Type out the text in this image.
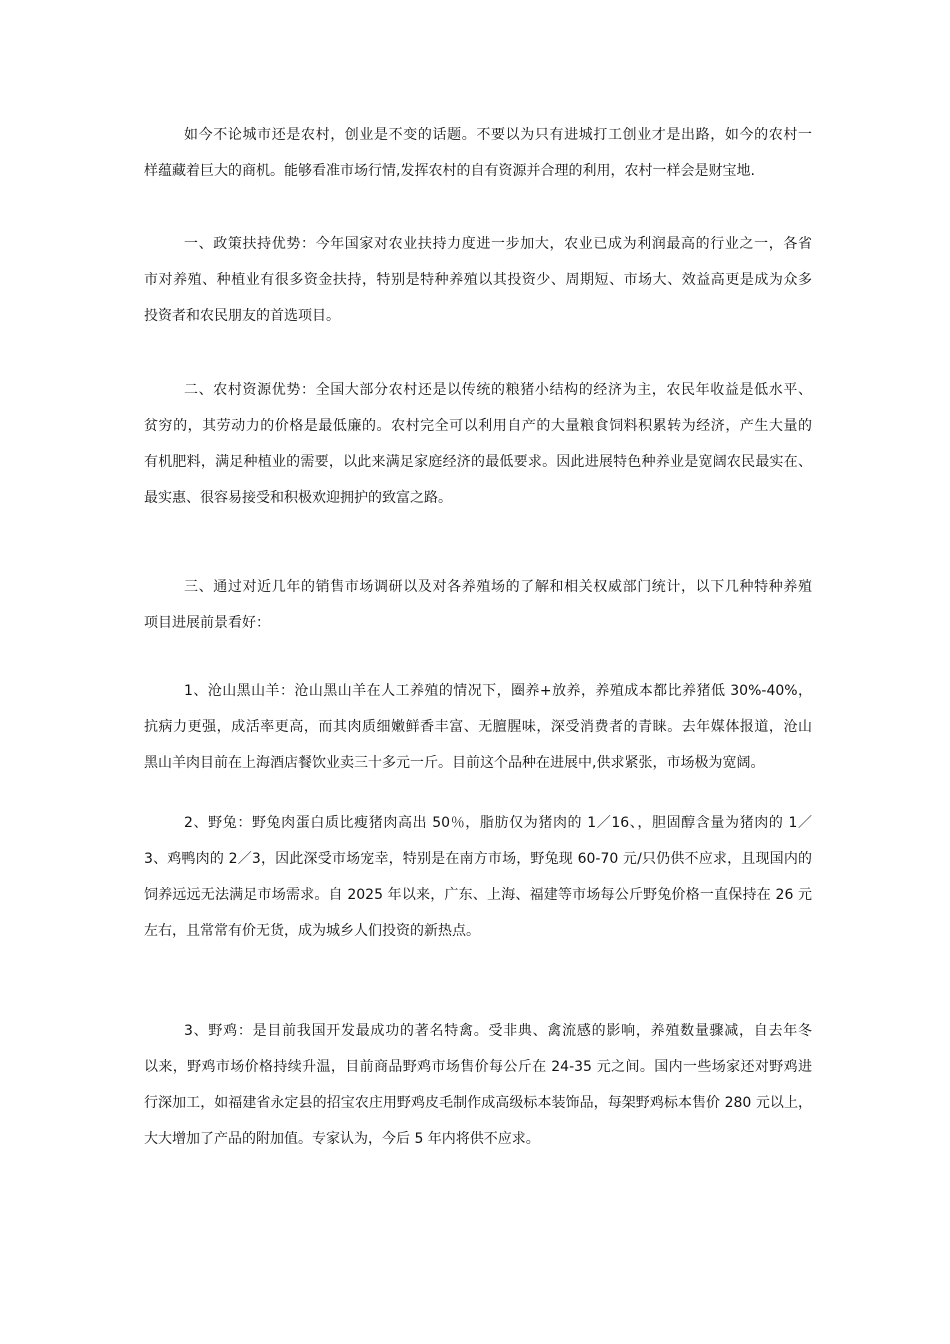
如今不论城市还是农村，创业是不变的话题。不要以为只有进城打工创业才是出路，如今的农村一
样蕴藏着巨大的商机。能够看准市场行情,发挥农村的自有资源并合理的利用，农村一样会是财宝地.
一、政策扶持优势：今年国家对农业扶持力度进一步加大，农业已成为利润最高的行业之一，各省
市对养殖、种植业有很多资金扶持，特别是特种养殖以其投资少、周期短、市场大、效益高更是成为众多
投资者和农民朋友的首选项目。
二、农村资源优势：全国大部分农村还是以传统的粮猪小结构的经济为主，农民年收益是低水平、
贫穷的，其劳动力的价格是最低廉的。农村完全可以利用自产的大量粮食饲料积累转为经济，产生大量的
有机肥料，满足种植业的需要，以此来满足家庭经济的最低要求。因此进展特色种养业是宽阔农民最实在、
最实惠、很容易接受和积极欢迎拥护的致富之路。
三、通过对近几年的销售市场调研以及对各养殖场的了解和相关权威部门统计，以下几种特种养殖
项目进展前景看好：
1、沧山黑山羊：沧山黑山羊在人工养殖的情况下，圈养+放养，养殖成本都比养猪低 30%-40%，
抗病力更强，成活率更高，而其肉质细嫩鲜香丰富、无膻腥味，深受消费者的青睐。去年媒体报道，沧山
黑山羊肉目前在上海酒店餐饮业卖三十多元一斤。目前这个品种在进展中,供求紧张，市场极为宽阔。
2、野兔：野兔肉蛋白质比瘦猪肉高出 50％，脂肪仅为猪肉的 1／16、，胆固醇含量为猪肉的 1／
3、鸡鸭肉的 2／3，因此深受市场宠幸，特别是在南方市场，野兔现 60-70 元/只仍供不应求，且现国内的
饲养远远无法满足市场需求。自 2025 年以来，广东、上海、福建等市场每公斤野兔价格一直保持在 26 元
左右，且常常有价无货，成为城乡人们投资的新热点。
3、野鸡：是目前我国开发最成功的著名特禽。受非典、禽流感的影响，养殖数量骤减，自去年冬
以来，野鸡市场价格持续升温，目前商品野鸡市场售价每公斤在 24-35 元之间。国内一些场家还对野鸡进
行深加工，如福建省永定县的招宝农庄用野鸡皮毛制作成高级标本装饰品，每架野鸡标本售价 280 元以上，
大大增加了产品的附加值。专家认为，今后 5 年内将供不应求。
